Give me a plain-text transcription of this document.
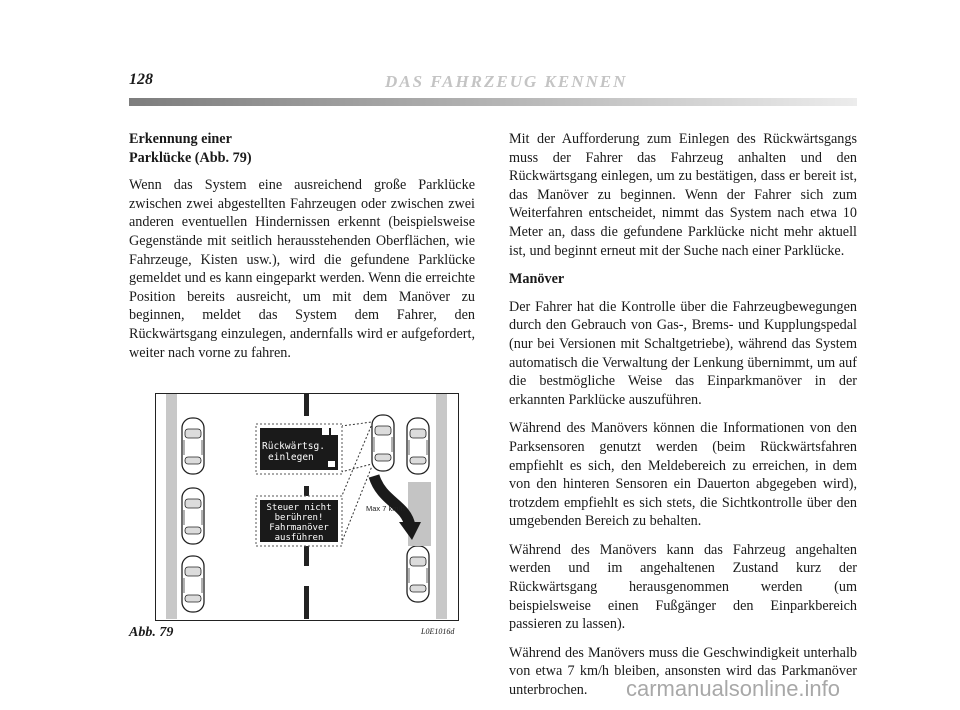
128	DAS FAHRZEUG KENNEN
Erkennung einer
Parklücke (Abb. 79)

Wenn das System eine ausreichend große Parklücke zwischen zwei abgestellten Fahrzeugen oder zwischen zwei anderen eventuellen Hindernissen erkennt (beispielsweise Gegenstände mit seitlich herausstehenden Oberflächen, wie Fahrzeuge, Kisten usw.), wird die gefundene Parklücke gemeldet und es kann eingeparkt werden. Wenn die erreichte Position bereits ausreicht, um mit dem Manöver zu beginnen, meldet das System dem Fahrer, den Rückwärtsgang einzulegen, andernfalls wird er aufgefordert, weiter nach vorne zu fahren.

Rückwärtsg.
einlegen
Steuer nicht
berühren!
Fahrmanöver
ausführen
Max 7 km/h
Abb. 79	L0E1016d

Mit der Aufforderung zum Einlegen des Rückwärtsgangs muss der Fahrer das Fahrzeug anhalten und den Rückwärtsgang einlegen, um zu bestätigen, dass er bereit ist, das Manöver zu beginnen. Wenn der Fahrer sich zum Weiterfahren entscheidet, nimmt das System nach etwa 10 Meter an, dass die gefundene Parklücke nicht mehr aktuell ist, und beginnt erneut mit der Suche nach einer Parklücke.

Manöver

Der Fahrer hat die Kontrolle über die Fahrzeugbewegungen durch den Gebrauch von Gas-, Brems- und Kupplungspedal (nur bei Versionen mit Schaltgetriebe), während das System automatisch die Verwaltung der Lenkung übernimmt, um auf die bestmögliche Weise das Einparkmanöver in der erkannten Parklücke auszuführen.

Während des Manövers können die Informationen von den Parksensoren genutzt werden (beim Rückwärtsfahren empfiehlt es sich, den Meldebereich zu erreichen, in dem von den hinteren Sensoren ein Dauerton abgegeben wird), trotzdem empfiehlt es sich stets, die Sichtkontrolle über den umgebenden Bereich zu behalten.

Während des Manövers kann das Fahrzeug angehalten werden und im angehaltenen Zustand kurz der Rückwärtsgang herausgenommen werden (um beispielsweise einen Fußgänger den Einparkbereich passieren zu lassen).

Während des Manövers muss die Geschwindigkeit unterhalb von etwa 7 km/h bleiben, ansonsten wird das Parkmanöver unterbrochen.	carmanualsonline.info
